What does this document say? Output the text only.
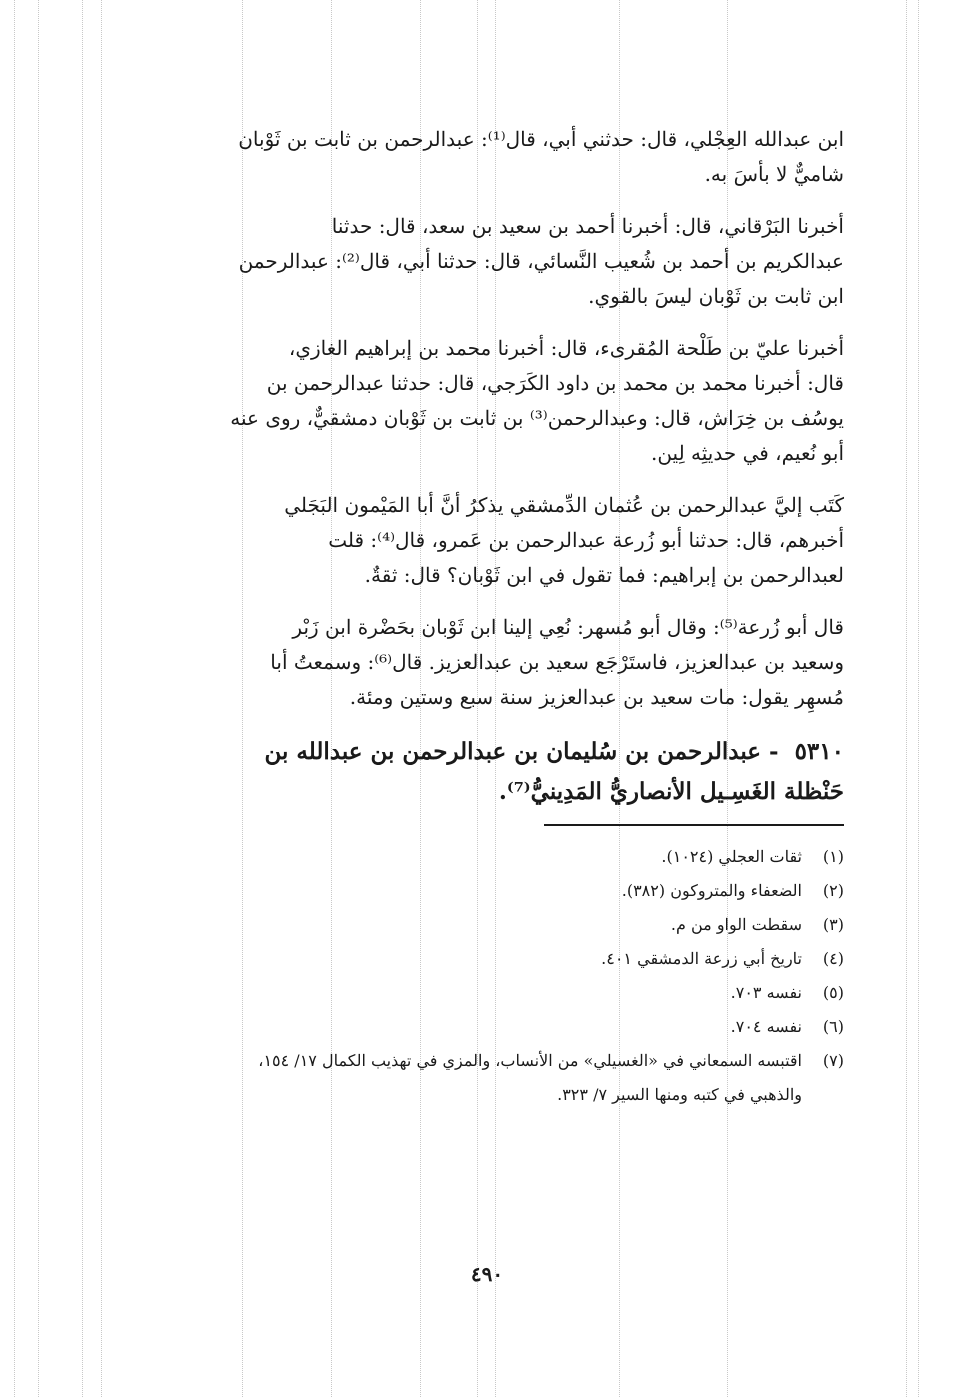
ابن عبدالله العِجْلي، قال: حدثني أبي، قال⁽¹⁾: عبدالرحمن بن ثابت بن ثَوْبان

شاميٌّ لا بأسَ به.

أخبرنا البَرْقاني، قال: أخبرنا أحمد بن سعيد بن سعد، قال: حدثنا

عبدالكريم بن أحمد بن شُعيب النَّسائي، قال: حدثنا أبي، قال⁽²⁾: عبدالرحمن

ابن ثابت بن ثَوْبان ليسَ بالقوي.

أخبرنا عليّ بن طَلْحة المُقرىء، قال: أخبرنا محمد بن إبراهيم الغازي،

قال: أخبرنا محمد بن محمد بن داود الكَرَجي، قال: حدثنا عبدالرحمن بن

يوسُف بن خِرَاش، قال: وعبدالرحمن⁽³⁾ بن ثابت بن ثَوْبان دمشقيٌّ، روى عنه

أبو نُعيم، في حديثِه لِين.

كَتَب إليَّ عبدالرحمن بن عُثمان الدِّمشقي يذكرُ أنَّ أبا المَيْمون البَجَلي

أخبرهم، قال: حدثنا أبو زُرعة عبدالرحمن بن عَمرو، قال⁽⁴⁾: قلت

لعبدالرحمن بن إبراهيم: فما تقول في ابن ثَوْبان؟ قال: ثقةٌ.

قال أبو زُرعة⁽⁵⁾: وقال أبو مُسهر: نُعِي إلينا ابن ثَوْبان بحَضْرة ابن زَبْر

وسعيد بن عبدالعزيز، فاستَرْجَع سعيد بن عبدالعزيز. قال⁽⁶⁾: وسمعتُ أبا

مُسهِر يقول: مات سعيد بن عبدالعزيز سنة سبع وستين ومئة.

٥٣١٠ - عبدالرحمن بن سُليمان بن عبدالرحمن بن عبدالله بن

حَنْظلة الغَسِـيل الأنصاريُّ المَدِينيُّ⁽⁷⁾.

(١)
ثقات العجلي (١٠٢٤).
(٢)
الضعفاء والمتروكون (٣٨٢).
(٣)
سقطت الواو من م.
(٤)
تاريخ أبي زرعة الدمشقي ٤٠١.
(٥)
نفسه ٧٠٣.
(٦)
نفسه ٧٠٤.
(٧)
اقتبسه السمعاني في «الغسيلي» من الأنساب، والمزي في تهذيب الكمال ١٧/ ١٥٤،
والذهبي في كتبه ومنها السير ٧/ ٣٢٣.
٤٩٠
